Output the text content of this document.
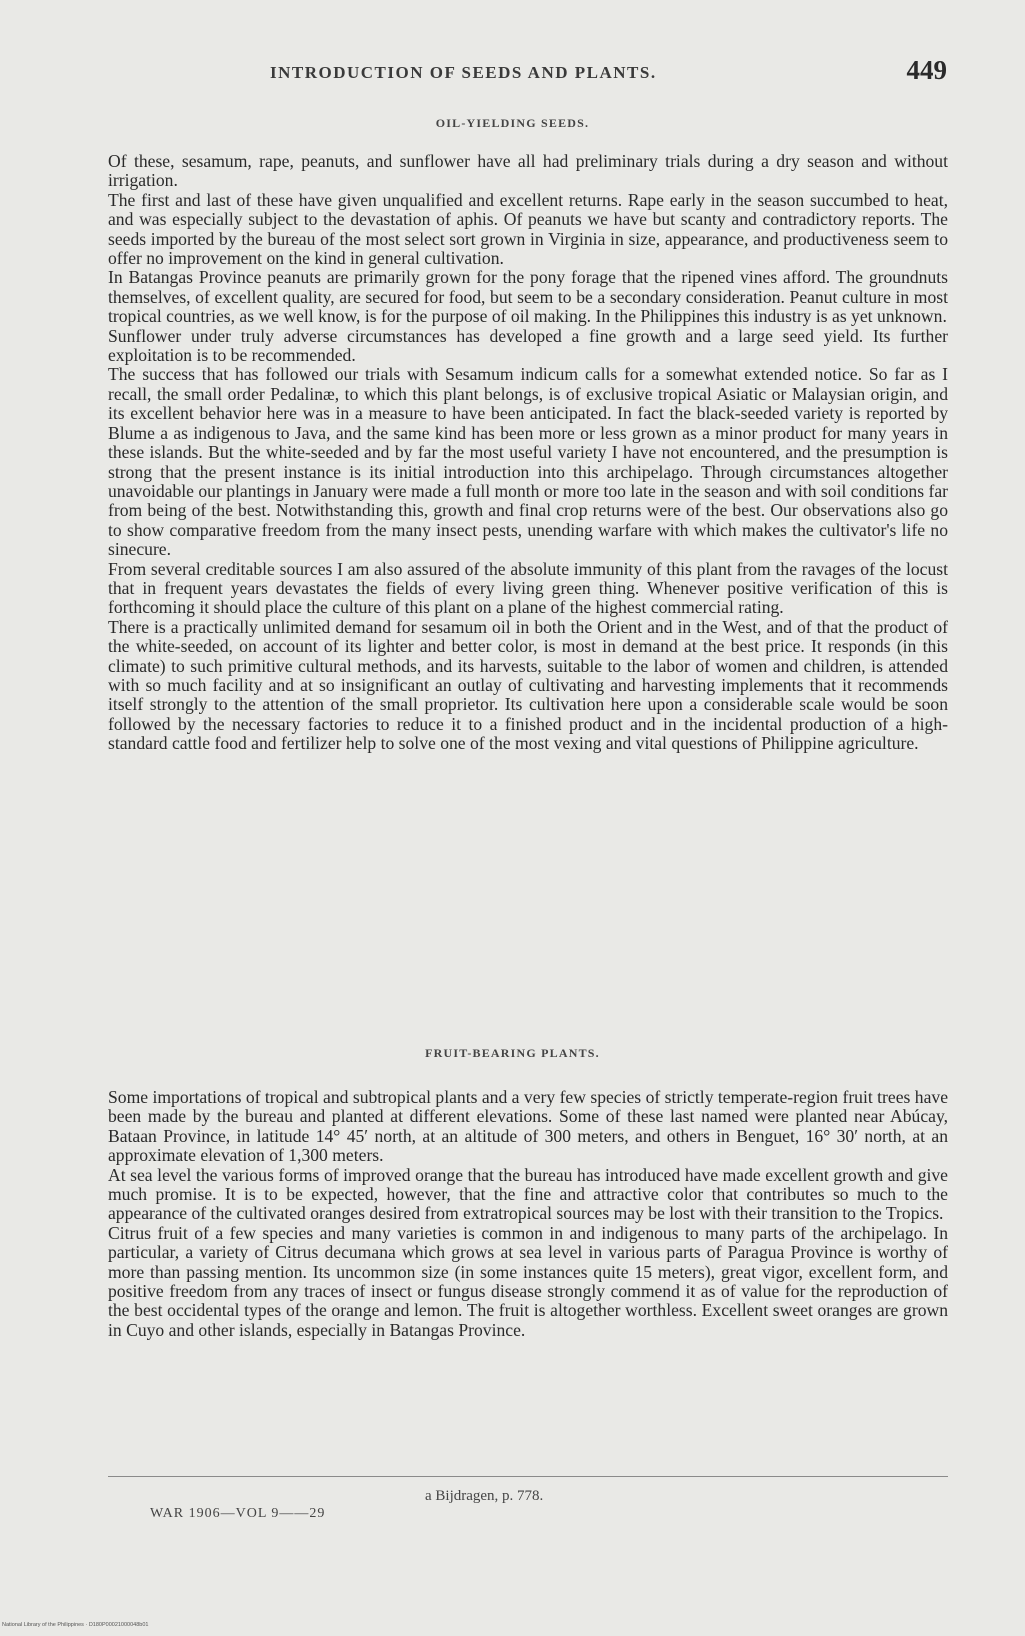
INTRODUCTION OF SEEDS AND PLANTS.	449
OIL-YIELDING SEEDS.

Of these, sesamum, rape, peanuts, and sunflower have all had preliminary trials during a dry season and without irrigation.

The first and last of these have given unqualified and excellent returns. Rape early in the season succumbed to heat, and was especially subject to the devastation of aphis. Of peanuts we have but scanty and contradictory reports. The seeds imported by the bureau of the most select sort grown in Virginia in size, appearance, and productiveness seem to offer no improvement on the kind in general cultivation.

In Batangas Province peanuts are primarily grown for the pony forage that the ripened vines afford. The groundnuts themselves, of excellent quality, are secured for food, but seem to be a secondary consideration. Peanut culture in most tropical countries, as we well know, is for the purpose of oil making. In the Philippines this industry is as yet unknown.

Sunflower under truly adverse circumstances has developed a fine growth and a large seed yield. Its further exploitation is to be recommended.

The success that has followed our trials with Sesamum indicum calls for a somewhat extended notice. So far as I recall, the small order Pedalinæ, to which this plant belongs, is of exclusive tropical Asiatic or Malaysian origin, and its excellent behavior here was in a measure to have been anticipated. In fact the black-seeded variety is reported by Blume a as indigenous to Java, and the same kind has been more or less grown as a minor product for many years in these islands. But the white-seeded and by far the most useful variety I have not encountered, and the presumption is strong that the present instance is its initial introduction into this archipelago. Through circumstances altogether unavoidable our plantings in January were made a full month or more too late in the season and with soil conditions far from being of the best. Notwithstanding this, growth and final crop returns were of the best. Our observations also go to show comparative freedom from the many insect pests, unending warfare with which makes the cultivator's life no sinecure.

From several creditable sources I am also assured of the absolute immunity of this plant from the ravages of the locust that in frequent years devastates the fields of every living green thing. Whenever positive verification of this is forthcoming it should place the culture of this plant on a plane of the highest commercial rating.

There is a practically unlimited demand for sesamum oil in both the Orient and in the West, and of that the product of the white-seeded, on account of its lighter and better color, is most in demand at the best price. It responds (in this climate) to such primitive cultural methods, and its harvests, suitable to the labor of women and children, is attended with so much facility and at so insignificant an outlay of cultivating and harvesting implements that it recommends itself strongly to the attention of the small proprietor. Its cultivation here upon a considerable scale would be soon followed by the necessary factories to reduce it to a finished product and in the incidental production of a high-standard cattle food and fertilizer help to solve one of the most vexing and vital questions of Philippine agriculture.

FRUIT-BEARING PLANTS.

Some importations of tropical and subtropical plants and a very few species of strictly temperate-region fruit trees have been made by the bureau and planted at different elevations. Some of these last named were planted near Abúcay, Bataan Province, in latitude 14° 45′ north, at an altitude of 300 meters, and others in Benguet, 16° 30′ north, at an approximate elevation of 1,300 meters.

At sea level the various forms of improved orange that the bureau has introduced have made excellent growth and give much promise. It is to be expected, however, that the fine and attractive color that contributes so much to the appearance of the cultivated oranges desired from extratropical sources may be lost with their transition to the Tropics.

Citrus fruit of a few species and many varieties is common in and indigenous to many parts of the archipelago. In particular, a variety of Citrus decumana which grows at sea level in various parts of Paragua Province is worthy of more than passing mention. Its uncommon size (in some instances quite 15 meters), great vigor, excellent form, and positive freedom from any traces of insect or fungus disease strongly commend it as of value for the reproduction of the best occidental types of the orange and lemon. The fruit is altogether worthless. Excellent sweet oranges are grown in Cuyo and other islands, especially in Batangas Province.

a Bijdragen, p. 778.
WAR 1906—VOL 9——29
National Library of the Philippines · D180P00021000048b01
